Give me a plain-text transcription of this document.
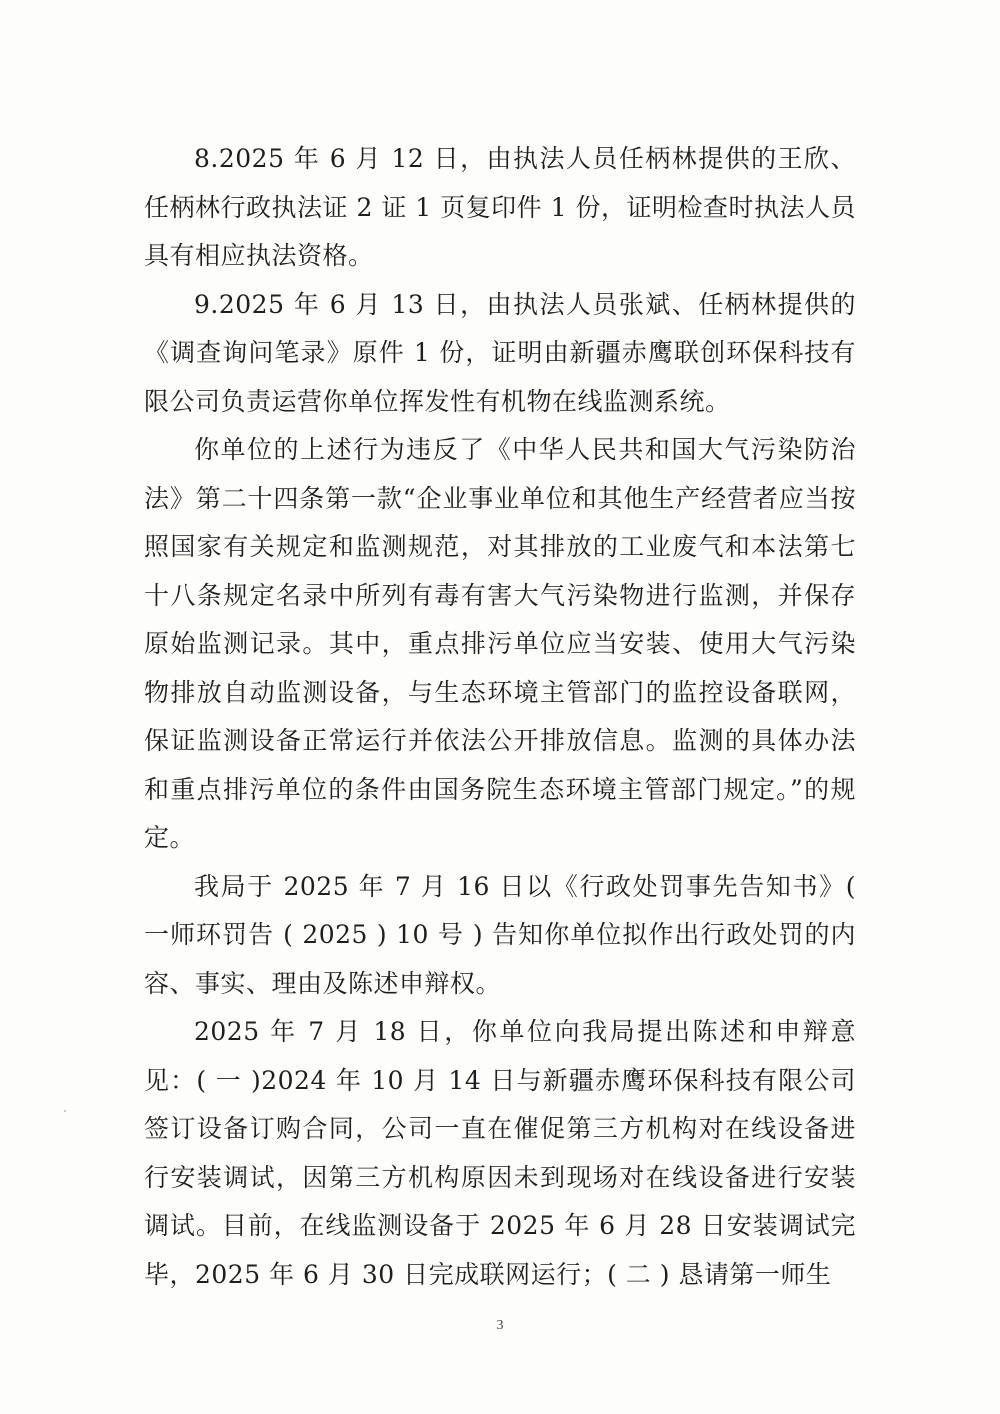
8.2025 年 6 月 12 日，由执法人员任柄林提供的王欣、任柄林行政执法证 2 证 1 页复印件 1 份，证明检查时执法人员具有相应执法资格。

9.2025 年 6 月 13 日，由执法人员张斌、任柄林提供的《调查询问笔录》原件 1 份，证明由新疆赤鹰联创环保科技有限公司负责运营你单位挥发性有机物在线监测系统。

你单位的上述行为违反了《中华人民共和国大气污染防治法》第二十四条第一款“企业事业单位和其他生产经营者应当按照国家有关规定和监测规范，对其排放的工业废气和本法第七十八条规定名录中所列有毒有害大气污染物进行监测，并保存原始监测记录。其中，重点排污单位应当安装、使用大气污染物排放自动监测设备，与生态环境主管部门的监控设备联网，保证监测设备正常运行并依法公开排放信息。监测的具体办法和重点排污单位的条件由国务院生态环境主管部门规定。”的规定。

我局于 2025 年 7 月 16 日以《行政处罚事先告知书》( 一师环罚告 ( 2025 ) 10 号 ) 告知你单位拟作出行政处罚的内容、事实、理由及陈述申辩权。

2025 年 7 月 18 日，你单位向我局提出陈述和申辩意见：( 一 )2024 年 10 月 14 日与新疆赤鹰环保科技有限公司签订设备订购合同，公司一直在催促第三方机构对在线设备进行安装调试，因第三方机构原因未到现场对在线设备进行安装调试。目前，在线监测设备于 2025 年 6 月 28 日安装调试完毕，2025 年 6 月 30 日完成联网运行；( 二 ) 恳请第一师生

3
